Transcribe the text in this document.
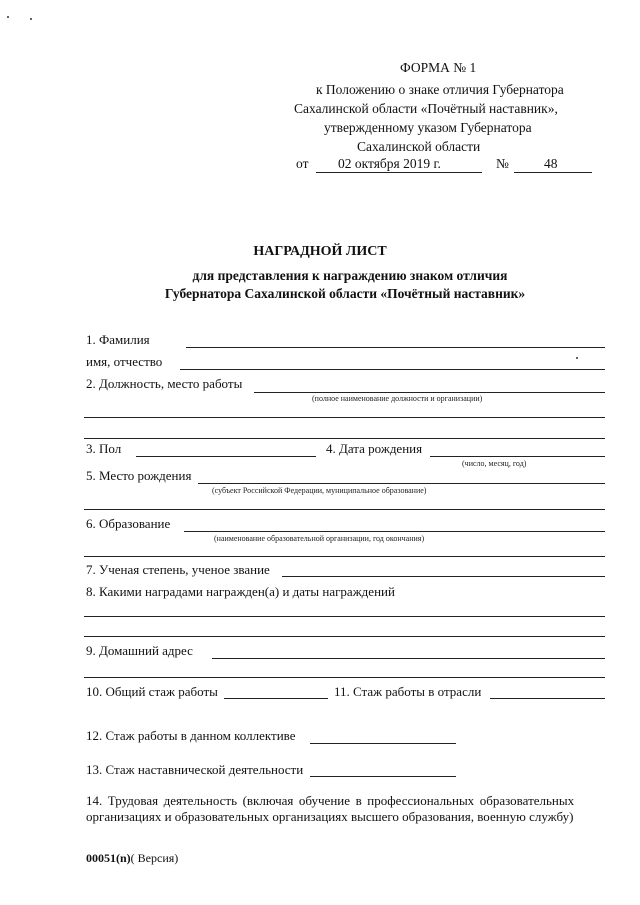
ФОРМА № 1
к Положению о знаке отличия Губернатора
Сахалинской области «Почётный наставник»,
утвержденному указом Губернатора
Сахалинской области
от 02 октября 2019 г.	№	48
НАГРАДНОЙ ЛИСТ
для представления к награждению знаком отличия
Губернатора Сахалинской области «Почётный наставник»
1. Фамилия
имя, отчество
2. Должность, место работы
(полное наименование должности и организации)
3. Пол	4. Дата рождения
(число, месяц, год)
5. Место рождения
(субъект Российской Федерации, муниципальное образование)
6. Образование
(наименование образовательной организации, год окончания)
7. Ученая степень, ученое звание
8. Какими наградами награжден(а) и даты награждений
9. Домашний адрес
10. Общий стаж работы	11. Стаж работы в отрасли
12. Стаж работы в данном коллективе
13. Стаж наставнической деятельности
14. Трудовая деятельность (включая обучение в профессиональных образовательных
организациях и образовательных организациях высшего образования, военную службу)
00051(n)( Версия)
